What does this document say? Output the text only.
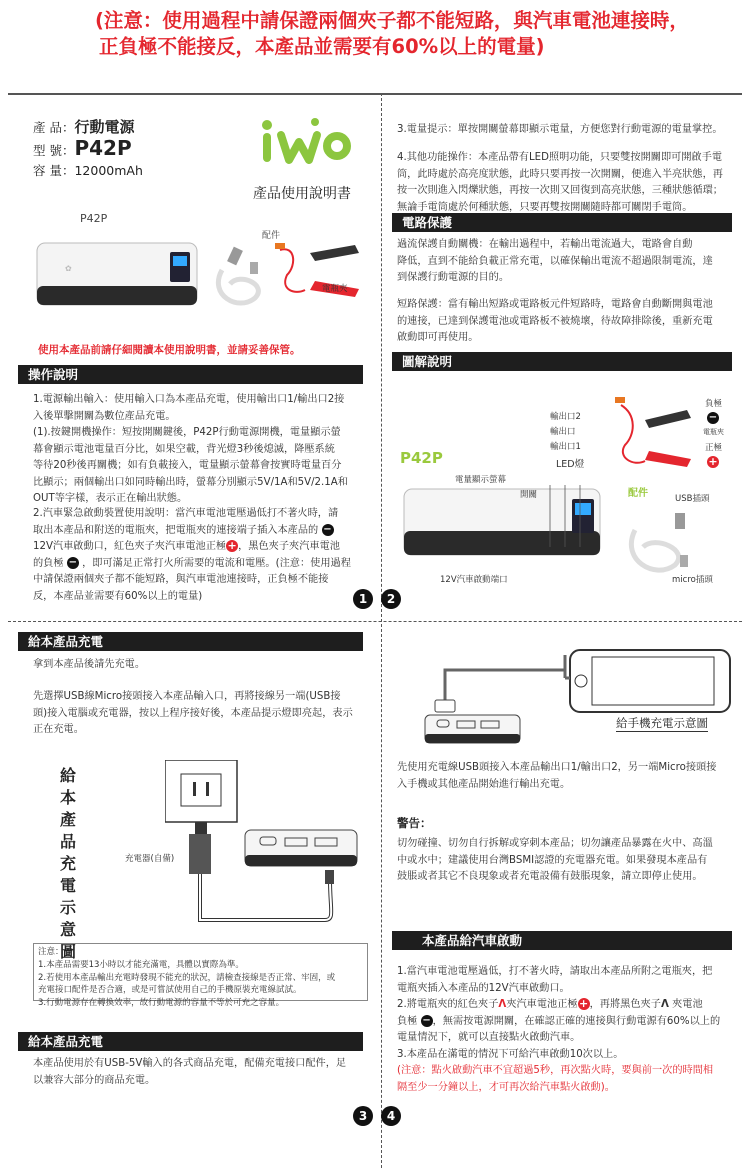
(注意：使用過程中請保證兩個夾子都不能短路，與汽車電池連接時，
正負極不能接反，本產品並需要有60%以上的電量)
產 品：行動電源
型 號：P42P
容 量：12000mAh
產品使用說明書
P42P
配件
✿
電瓶夾
使用本產品前請仔細閱讀本使用說明書，並請妥善保管。
操作說明
1.電源輸出輸入：使用輸入口為本產品充電，使用輸出口1/輸出口2接
入後單擊開關為數位產品充電。
(1).按鍵開機操作：短按開關鍵後，P42P行動電源開機，電量顯示螢
幕會顯示電池電量百分比，如果空載，背光燈3秒後熄滅，降壓系統
等待20秒後再關機；如有負載接入，電量顯示螢幕會按實時電量百分
比顯示；兩個輸出口如同時輸出時，螢幕分別顯示5V/1A和5V/2.1A和
OUT等字樣，表示正在輸出狀態。
2.汽車緊急啟動裝置使用說明：當汽車電池電壓過低打不著火時，請
取出本產品和附送的電瓶夾，把電瓶夾的連接端子插入本產品的 −
12V汽車啟動口，紅色夾子夾汽車電池正極+，黑色夾子夾汽車電池
的負極 − ，即可滿足正常打火所需要的電流和電壓。(注意：使用過程
中請保證兩個夾子都不能短路，與汽車電池連接時，正負極不能接
反，本產品並需要有60%以上的電量)	1	2
3.電量提示：單按開關螢幕即顯示電量，方便您對行動電源的電量掌控。
4.其他功能操作：本產品帶有LED照明功能，只要雙按開關即可開啟手電
筒，此時處於高亮度狀態，此時只要再按一次開關，便進入半亮狀態，再
按一次則進入閃爍狀態，再按一次則又回復到高亮狀態，三種狀態循環；
無論手電筒處於何種狀態，只要再雙按開關隨時都可關閉手電筒。
電路保護
過流保護自動關機：在輸出過程中，若輸出電流過大，電路會自動
降低，直到不能給負載正常充電，以確保輸出電流不超過限制電流，達
到保護行動電源的目的。
短路保護：當有輸出短路或電路板元件短路時，電路會自動斷開與電池
的連接，已達到保護電池或電路板不被燒壞，待故障排除後，重新充電
啟動即可再使用。
圖解說明
P42P
輸出口2
輸出口
輸出口1
LED燈
電量顯示螢幕
開關
12V汽車啟動端口
負極
−
電瓶夾
正極
+
配件	USB插頭
micro插頭
給本產品充電
拿到本產品後請先充電。
先選擇USB線Micro接頭接入本產品輸入口，再將接線另一端(USB接
頭)接入電腦或充電器，按以上程序接好後，本產品提示燈即亮起，表示
正在充電。
給本產品充電示意圖
充電器(自備)
注意：
1.本產品需要13小時以才能充滿電，具體以實際為準。
2.若使用本產品輸出充電時發現不能充的狀況，請檢查接線是否正常、牢固，或
充電接口配件是否合適，或是可嘗試使用自己的手機原裝充電線試試。
3.行動電源存在轉換效率，故行動電源的容量不等於可充之容量。
給本產品充電
本產品使用於有USB-5V輸入的各式商品充電，配備充電接口配件，足
以兼容大部分的商品充電。
3	4
給手機充電示意圖
先使用充電線USB頭接入本產品輸出口1/輸出口2，另一端Micro接頭接
入手機或其他產品開始進行輸出充電。
警告：
切勿碰撞、切勿自行拆解或穿刺本產品；切勿讓產品暴露在火中、高溫
中或水中；建議使用台灣BSMI認證的充電器充電。如果發現本產品有
鼓脹或者其它不良現象或者充電設備有鼓脹現象，請立即停止使用。
本產品給汽車啟動
1.當汽車電池電壓過低，打不著火時，請取出本產品所附之電瓶夾，把
電瓶夾插入本產品的12V汽車啟動口。
2.將電瓶夾的紅色夾子Λ夾汽車電池正極+，再將黑色夾子Λ 夾電池
負極 − ，無需按電源開關，在確認正確的連接與行動電源有60%以上的
電量情況下，就可以直接點火啟動汽車。
3.本產品在滿電的情況下可給汽車啟動10次以上。
(注意：點火啟動汽車不宜超過5秒，再次點火時，要與前一次的時間相
隔至少一分鐘以上，才可再次給汽車點火啟動)。
